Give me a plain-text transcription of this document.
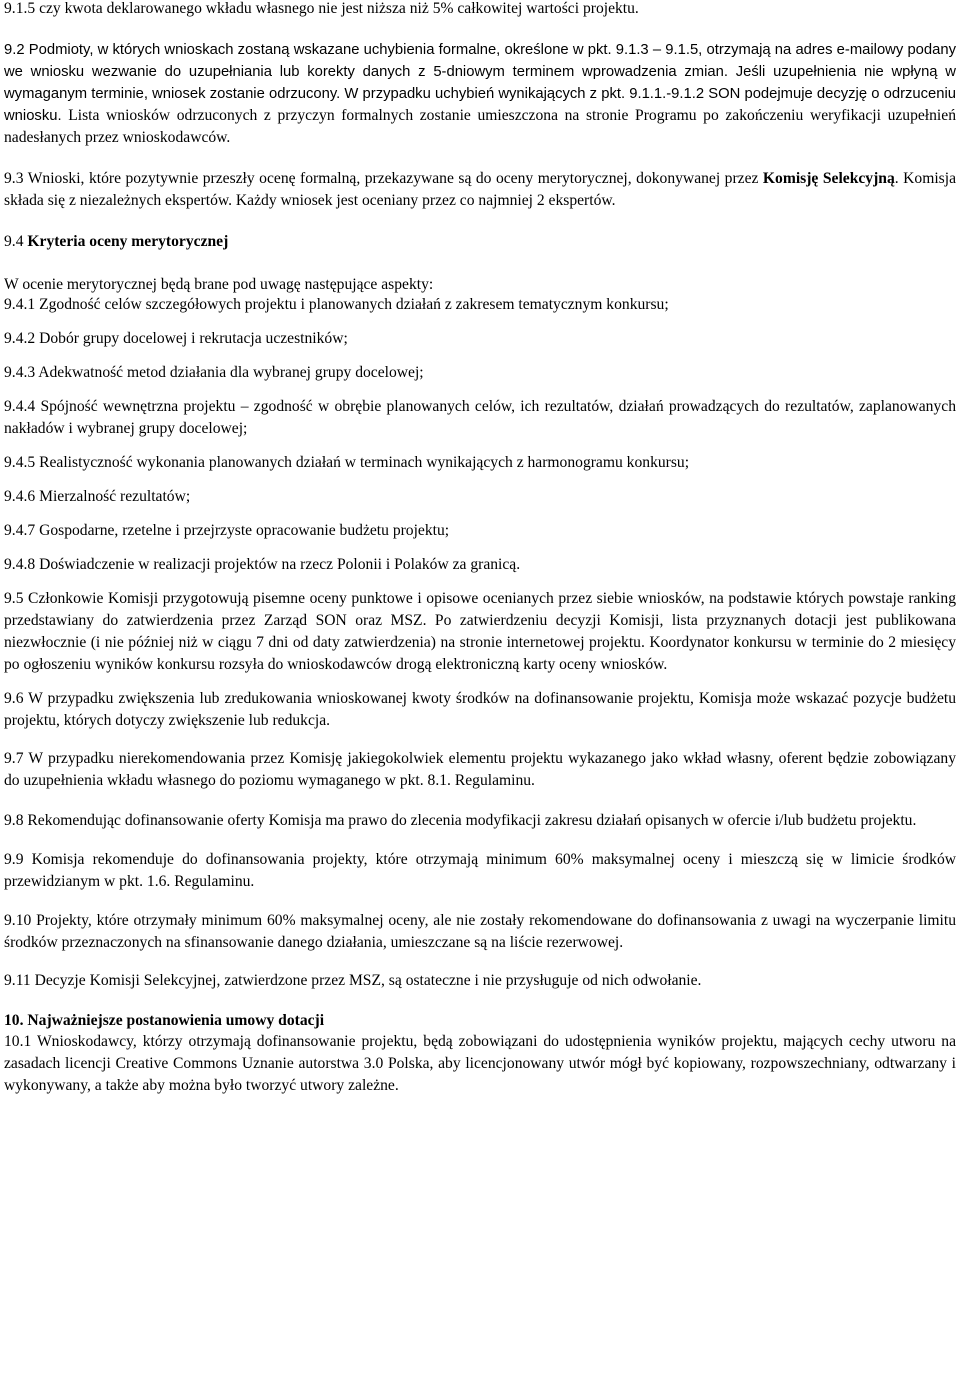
9.1.5 czy kwota deklarowanego wkładu własnego nie jest niższa niż 5% całkowitej wartości projektu.

9.2 Podmioty, w których wnioskach zostaną wskazane uchybienia formalne, określone w pkt. 9.1.3 – 9.1.5, otrzymają na adres e-mailowy podany we wniosku wezwanie do uzupełniania lub korekty danych z 5-dniowym terminem wprowadzenia zmian. Jeśli uzupełnienia nie wpłyną w wymaganym terminie, wniosek zostanie odrzucony. W przypadku uchybień wynikających z pkt. 9.1.1.-9.1.2 SON podejmuje decyzję o odrzuceniu wniosku. Lista wniosków odrzuconych z przyczyn formalnych zostanie umieszczona na stronie Programu po zakończeniu weryfikacji uzupełnień nadesłanych przez wnioskodawców.

9.3 Wnioski, które pozytywnie przeszły ocenę formalną, przekazywane są do oceny merytorycznej, dokonywanej przez Komisję Selekcyjną. Komisja składa się z niezależnych ekspertów. Każdy wniosek jest oceniany przez co najmniej 2 ekspertów.

9.4 Kryteria oceny merytorycznej

W ocenie merytorycznej będą brane pod uwagę następujące aspekty:

9.4.1 Zgodność celów szczegółowych projektu i planowanych działań z zakresem tematycznym konkursu;

9.4.2 Dobór grupy docelowej i rekrutacja uczestników;

9.4.3 Adekwatność metod działania dla wybranej grupy docelowej;

9.4.4 Spójność wewnętrzna projektu – zgodność w obrębie planowanych celów, ich rezultatów, działań prowadzących do rezultatów, zaplanowanych nakładów i wybranej grupy docelowej;

9.4.5 Realistyczność wykonania planowanych działań w terminach wynikających z harmonogramu konkursu;

9.4.6 Mierzalność rezultatów;

9.4.7 Gospodarne, rzetelne i przejrzyste opracowanie budżetu projektu;

9.4.8 Doświadczenie w realizacji projektów na rzecz Polonii i Polaków za granicą.

9.5 Członkowie Komisji przygotowują pisemne oceny punktowe i opisowe ocenianych przez siebie wniosków, na podstawie których powstaje ranking przedstawiany do zatwierdzenia przez Zarząd SON oraz MSZ. Po zatwierdzeniu decyzji Komisji, lista przyznanych dotacji jest publikowana niezwłocznie (i nie później niż w ciągu 7 dni od daty zatwierdzenia) na stronie internetowej projektu. Koordynator konkursu w terminie do 2 miesięcy po ogłoszeniu wyników konkursu rozsyła do wnioskodawców drogą elektroniczną karty oceny wniosków.

9.6 W przypadku zwiększenia lub zredukowania wnioskowanej kwoty środków na dofinansowanie projektu, Komisja może wskazać pozycje budżetu projektu, których dotyczy zwiększenie lub redukcja.

9.7 W przypadku nierekomendowania przez Komisję jakiegokolwiek elementu projektu wykazanego jako wkład własny, oferent będzie zobowiązany do uzupełnienia wkładu własnego do poziomu wymaganego w pkt. 8.1. Regulaminu.

9.8 Rekomendując dofinansowanie oferty Komisja ma prawo do zlecenia modyfikacji zakresu działań opisanych w ofercie i/lub budżetu projektu.

9.9 Komisja rekomenduje do dofinansowania projekty, które otrzymają minimum 60% maksymalnej oceny i mieszczą się w limicie środków przewidzianym w pkt. 1.6. Regulaminu.

9.10 Projekty, które otrzymały minimum 60% maksymalnej oceny, ale nie zostały rekomendowane do dofinansowania z uwagi na wyczerpanie limitu środków przeznaczonych na sfinansowanie danego działania, umieszczane są na liście rezerwowej.

9.11 Decyzje Komisji Selekcyjnej, zatwierdzone przez MSZ, są ostateczne i nie przysługuje od nich odwołanie.

10. Najważniejsze postanowienia umowy dotacji

10.1 Wnioskodawcy, którzy otrzymają dofinansowanie projektu, będą zobowiązani do udostępnienia wyników projektu, mających cechy utworu na zasadach licencji Creative Commons Uznanie autorstwa 3.0 Polska, aby licencjonowany utwór mógł być kopiowany, rozpowszechniany, odtwarzany i wykonywany, a także aby można było tworzyć utwory zależne.
